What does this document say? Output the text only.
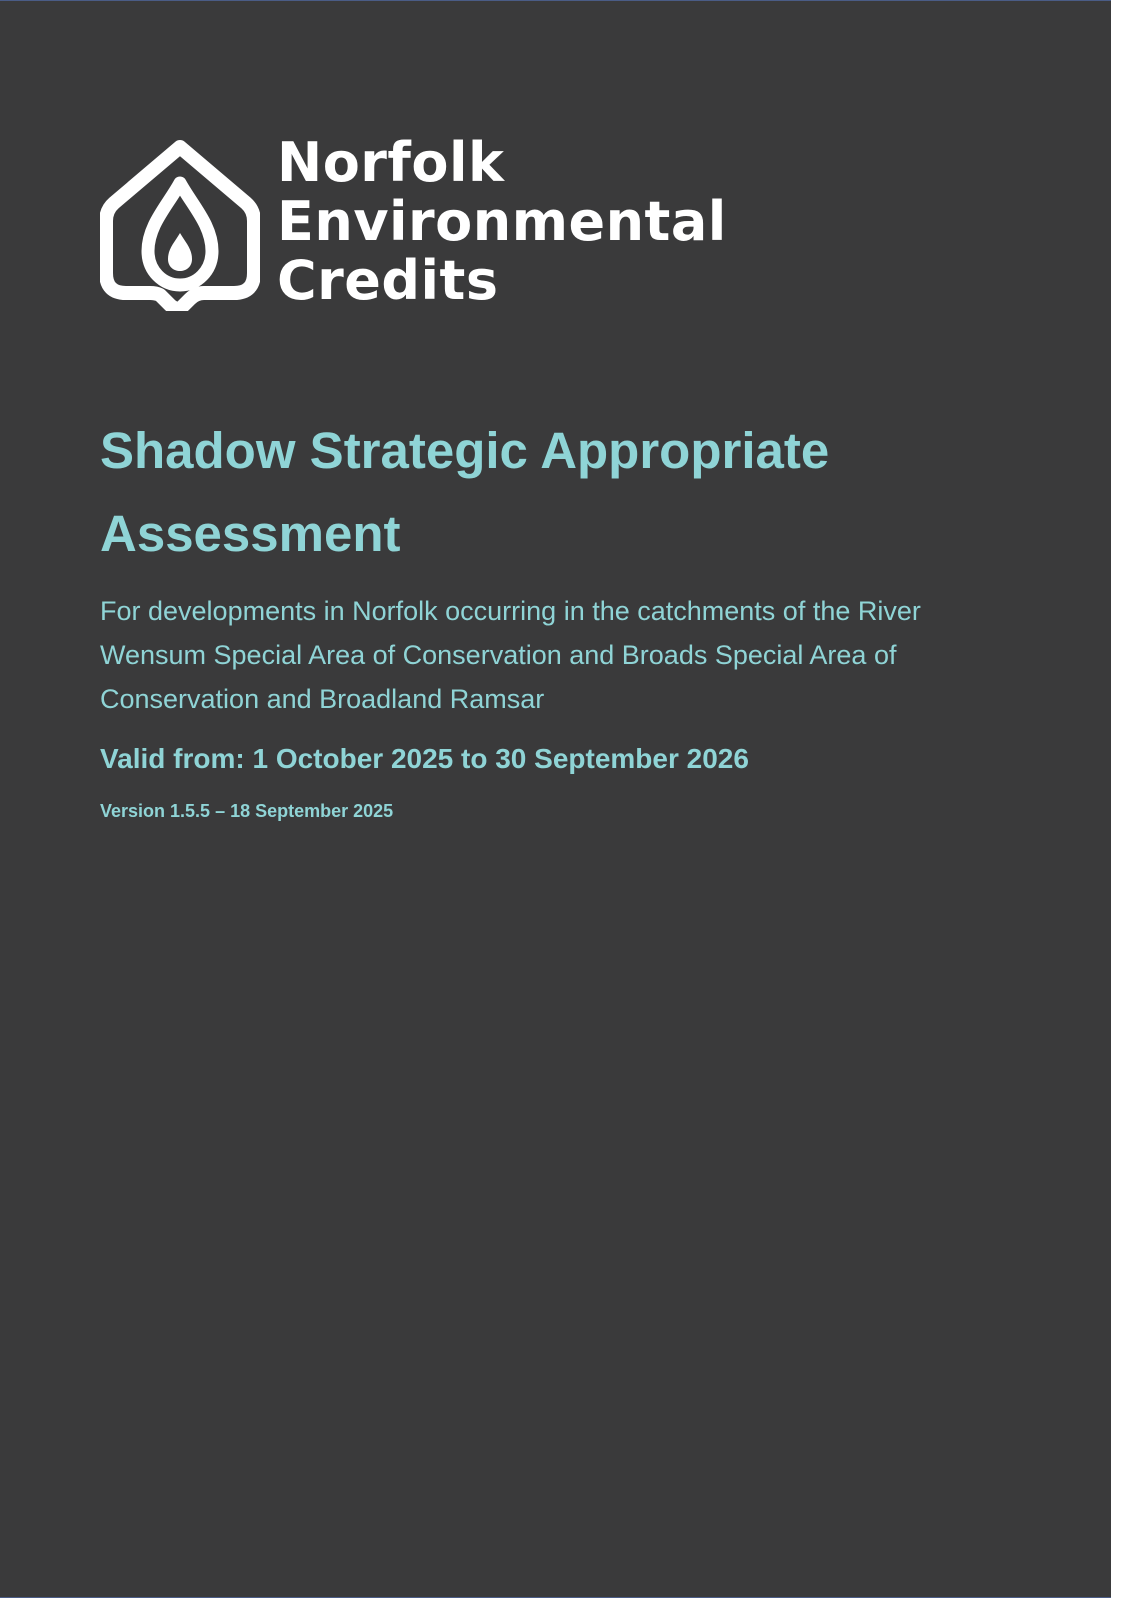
Norfolk
Environmental
Credits
Shadow Strategic Appropriate Assessment

For developments in Norfolk occurring in the catchments of the River Wensum Special Area of Conservation and Broads Special Area of Conservation and Broadland Ramsar

Valid from: 1 October 2025 to 30 September 2026

Version 1.5.5 – 18 September 2025
